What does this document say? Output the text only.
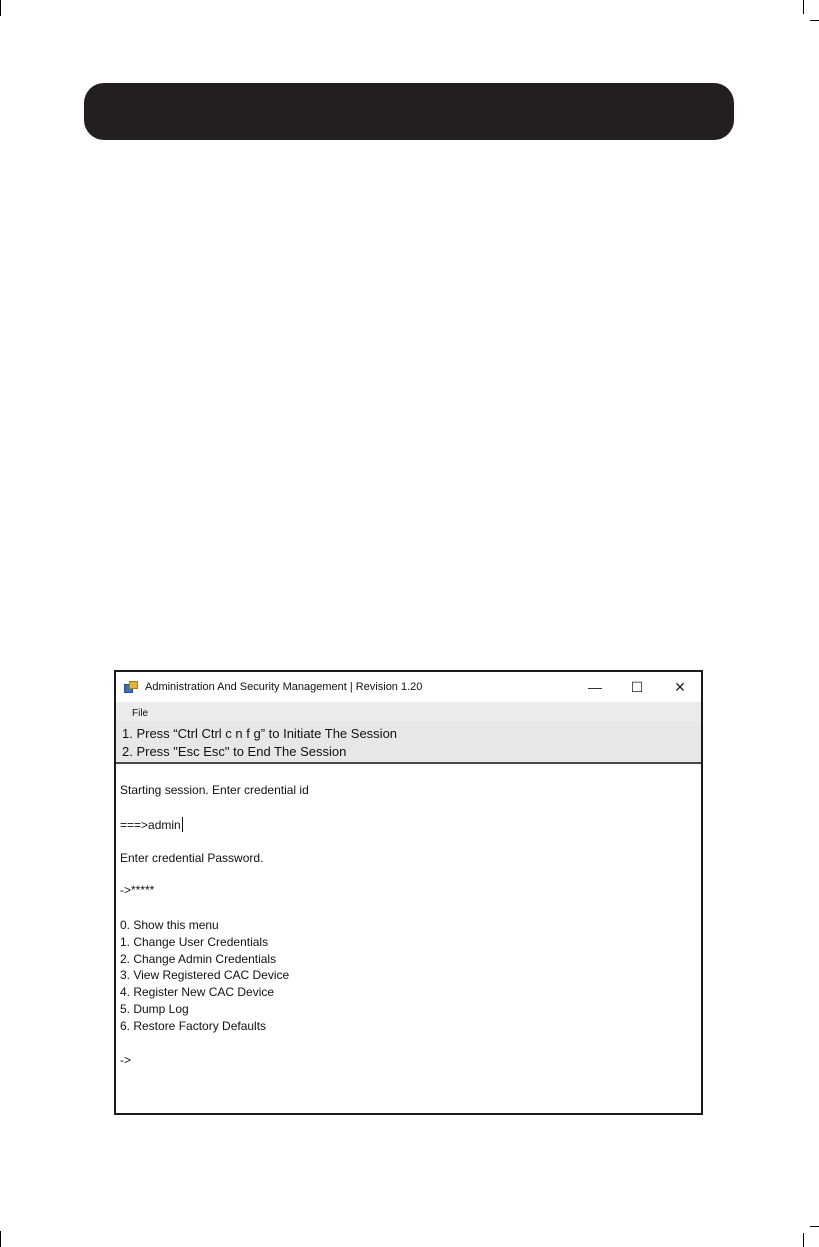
Administration And Security Management | Revision 1.20	—	☐	✕
File
1. Press “Ctrl Ctrl c n f g” to Initiate The Session
2. Press "Esc Esc" to End The Session
Starting session. Enter credential id
===>admin
Enter credential Password.
->*****
0. Show this menu
1. Change User Credentials
2. Change Admin Credentials
3. View Registered CAC Device
4. Register New CAC Device
5. Dump Log
6. Restore Factory Defaults
->
